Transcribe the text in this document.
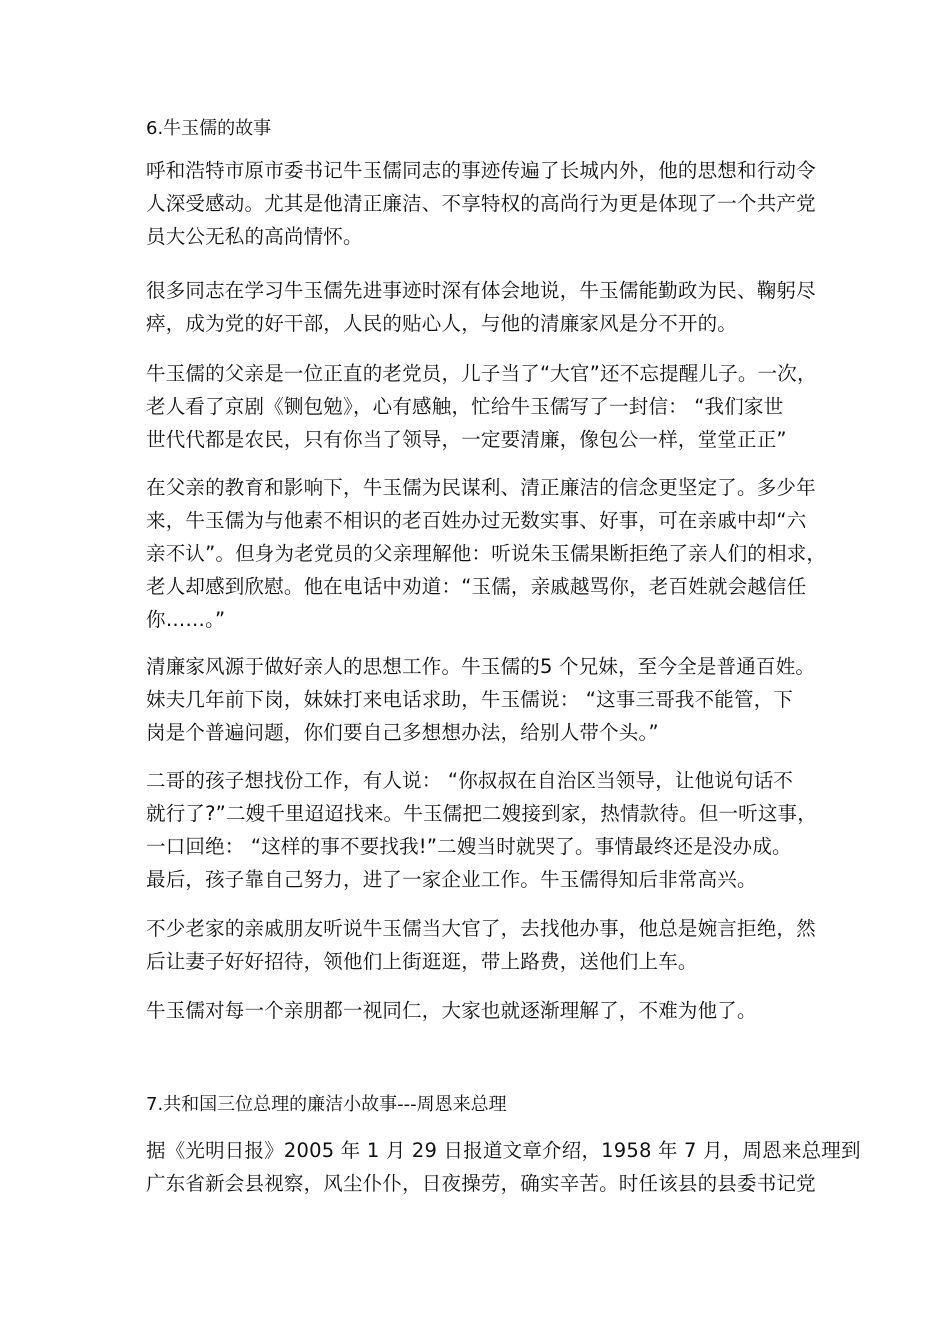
6.牛玉儒的故事
呼和浩特市原市委书记牛玉儒同志的事迹传遍了长城内外，他的思想和行动令
人深受感动。尤其是他清正廉洁、不享特权的高尚行为更是体现了一个共产党
员大公无私的高尚情怀。
很多同志在学习牛玉儒先进事迹时深有体会地说，牛玉儒能勤政为民、鞠躬尽
瘁，成为党的好干部，人民的贴心人，与他的清廉家风是分不开的。
牛玉儒的父亲是一位正直的老党员，儿子当了“大官”还不忘提醒儿子。一次，
老人看了京剧《铡包勉》，心有感触，忙给牛玉儒写了一封信： “我们家世
世代代都是农民，只有你当了领导，一定要清廉，像包公一样，堂堂正正”
在父亲的教育和影响下，牛玉儒为民谋利、清正廉洁的信念更坚定了。多少年
来，牛玉儒为与他素不相识的老百姓办过无数实事、好事，可在亲戚中却“六
亲不认”。但身为老党员的父亲理解他：听说朱玉儒果断拒绝了亲人们的相求，
老人却感到欣慰。他在电话中劝道：“玉儒，亲戚越骂你，老百姓就会越信任
你……。”
清廉家风源于做好亲人的思想工作。牛玉儒的5 个兄妹，至今全是普通百姓。
妹夫几年前下岗，妹妹打来电话求助，牛玉儒说： “这事三哥我不能管，下
岗是个普遍问题，你们要自己多想想办法，给别人带个头。”
二哥的孩子想找份工作，有人说： “你叔叔在自治区当领导，让他说句话不
就行了?”二嫂千里迢迢找来。牛玉儒把二嫂接到家，热情款待。但一听这事，
一口回绝： “这样的事不要找我!”二嫂当时就哭了。事情最终还是没办成。
最后，孩子靠自己努力，进了一家企业工作。牛玉儒得知后非常高兴。
不少老家的亲戚朋友听说牛玉儒当大官了，去找他办事，他总是婉言拒绝，然
后让妻子好好招待，领他们上街逛逛，带上路费，送他们上车。
牛玉儒对每一个亲朋都一视同仁，大家也就逐渐理解了，不难为他了。
7.共和国三位总理的廉洁小故事---周恩来总理
据《光明日报》2005 年 1 月 29 日报道文章介绍，1958 年 7 月，周恩来总理到
广东省新会县视察，风尘仆仆，日夜操劳，确实辛苦。时任该县的县委书记党
